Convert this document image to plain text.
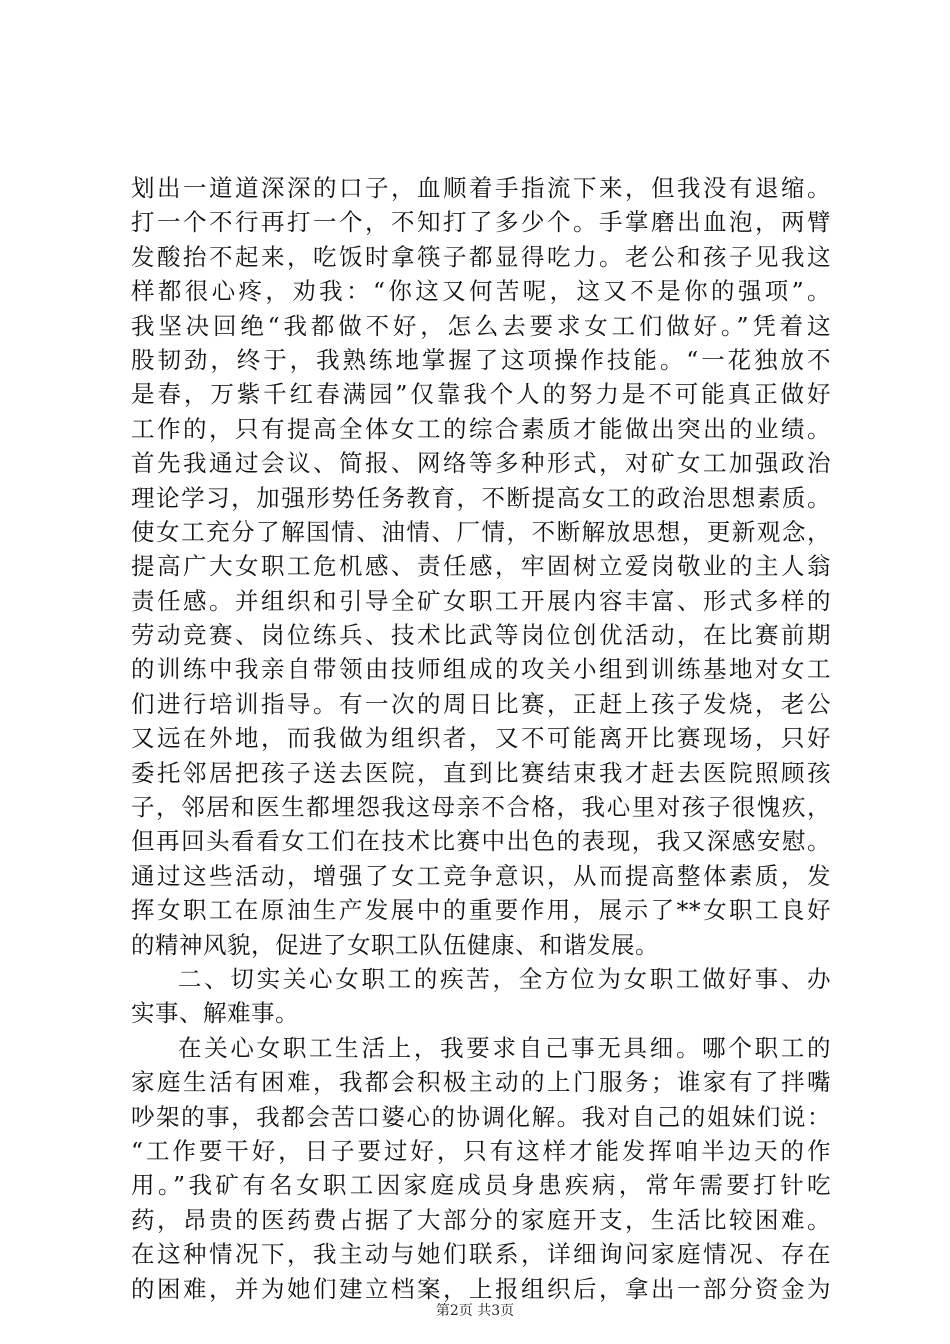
划出一道道深深的口子，血顺着手指流下来，但我没有退缩。
打一个不行再打一个，不知打了多少个。手掌磨出血泡，两臂
发酸抬不起来，吃饭时拿筷子都显得吃力。老公和孩子见我这
样都很心疼，劝我：“你这又何苦呢，这又不是你的强项”。
我坚决回绝“我都做不好，怎么去要求女工们做好。”凭着这
股韧劲，终于，我熟练地掌握了这项操作技能。“一花独放不
是春，万紫千红春满园”仅靠我个人的努力是不可能真正做好
工作的，只有提高全体女工的综合素质才能做出突出的业绩。
首先我通过会议、简报、网络等多种形式，对矿女工加强政治
理论学习，加强形势任务教育，不断提高女工的政治思想素质。
使女工充分了解国情、油情、厂情，不断解放思想，更新观念，
提高广大女职工危机感、责任感，牢固树立爱岗敬业的主人翁
责任感。并组织和引导全矿女职工开展内容丰富、形式多样的
劳动竞赛、岗位练兵、技术比武等岗位创优活动，在比赛前期
的训练中我亲自带领由技师组成的攻关小组到训练基地对女工
们进行培训指导。有一次的周日比赛，正赶上孩子发烧，老公
又远在外地，而我做为组织者，又不可能离开比赛现场，只好
委托邻居把孩子送去医院，直到比赛结束我才赶去医院照顾孩
子，邻居和医生都埋怨我这母亲不合格，我心里对孩子很愧疚，
但再回头看看女工们在技术比赛中出色的表现，我又深感安慰。
通过这些活动，增强了女工竞争意识，从而提高整体素质，发
挥女职工在原油生产发展中的重要作用，展示了**女职工良好
的精神风貌，促进了女职工队伍健康、和谐发展。
二、切实关心女职工的疾苦，全方位为女职工做好事、办
实事、解难事。
在关心女职工生活上，我要求自己事无具细。哪个职工的
家庭生活有困难，我都会积极主动的上门服务；谁家有了拌嘴
吵架的事，我都会苦口婆心的协调化解。我对自己的姐妹们说：
“工作要干好，日子要过好，只有这样才能发挥咱半边天的作
用。”我矿有名女职工因家庭成员身患疾病，常年需要打针吃
药，昂贵的医药费占据了大部分的家庭开支，生活比较困难。
在这种情况下，我主动与她们联系，详细询问家庭情况、存在
的困难，并为她们建立档案，上报组织后，拿出一部分资金为
第2页 共3页
